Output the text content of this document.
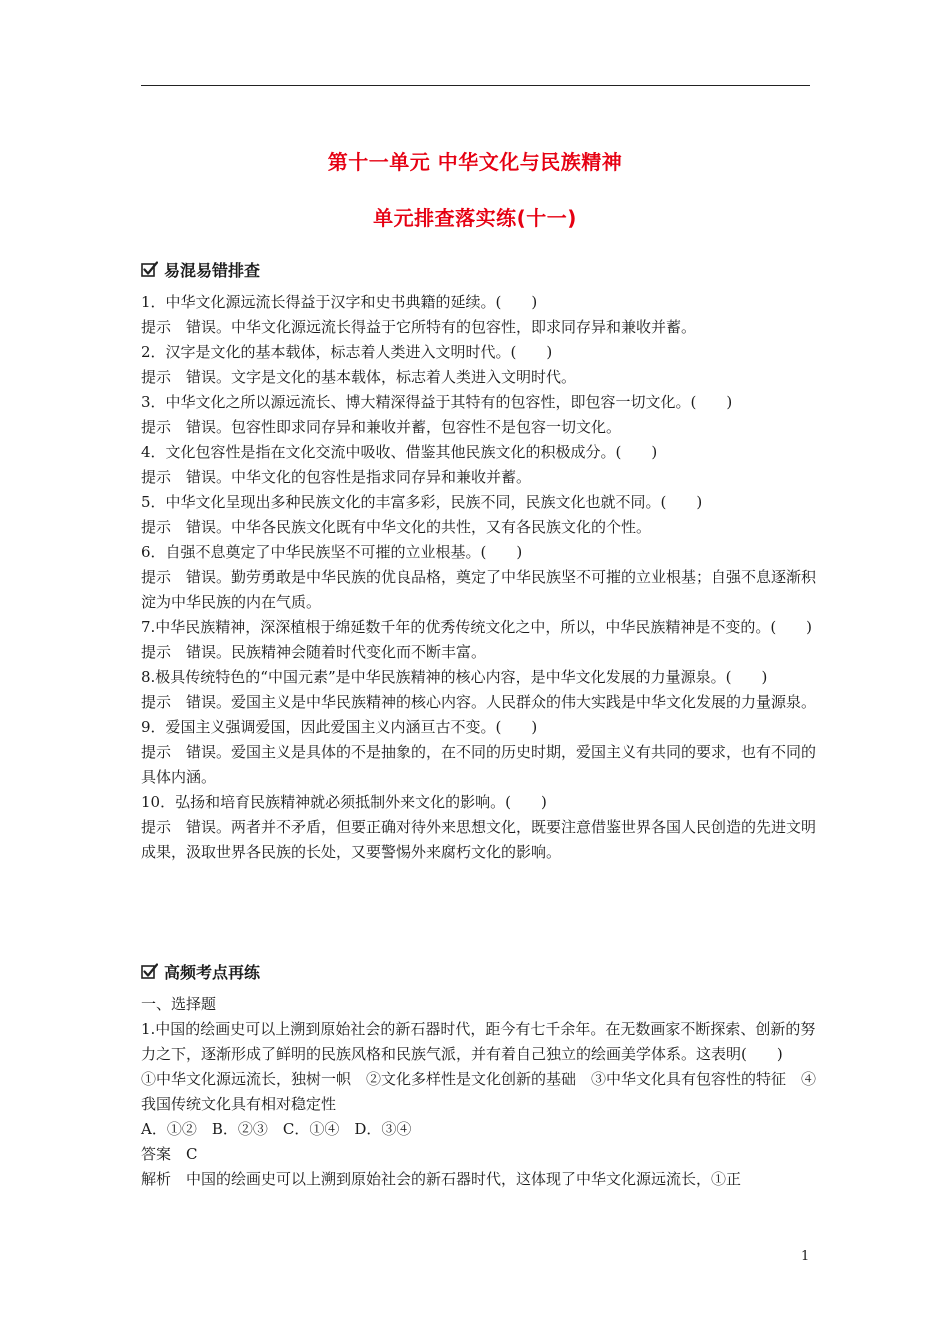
第十一单元 中华文化与民族精神
单元排查落实练(十一)
易混易错排查
1．中华文化源远流长得益于汉字和史书典籍的延续。(　　)
提示 错误。中华文化源远流长得益于它所特有的包容性，即求同存异和兼收并蓄。
2．汉字是文化的基本载体，标志着人类进入文明时代。(　　)
提示 错误。文字是文化的基本载体，标志着人类进入文明时代。
3．中华文化之所以源远流长、博大精深得益于其特有的包容性，即包容一切文化。(　　)
提示 错误。包容性即求同存异和兼收并蓄，包容性不是包容一切文化。
4．文化包容性是指在文化交流中吸收、借鉴其他民族文化的积极成分。(　　)
提示 错误。中华文化的包容性是指求同存异和兼收并蓄。
5．中华文化呈现出多种民族文化的丰富多彩，民族不同，民族文化也就不同。(　　)
提示 错误。中华各民族文化既有中华文化的共性，又有各民族文化的个性。
6．自强不息奠定了中华民族坚不可摧的立业根基。(　　)
提示 错误。勤劳勇敢是中华民族的优良品格，奠定了中华民族坚不可摧的立业根基；自强不息逐渐积淀为中华民族的内在气质。
7.中华民族精神，深深植根于绵延数千年的优秀传统文化之中，所以，中华民族精神是不变的。(　　)
提示 错误。民族精神会随着时代变化而不断丰富。
8.极具传统特色的“中国元素”是中华民族精神的核心内容，是中华文化发展的力量源泉。(　　)
提示 错误。爱国主义是中华民族精神的核心内容。人民群众的伟大实践是中华文化发展的力量源泉。
9．爱国主义强调爱国，因此爱国主义内涵亘古不变。(　　)
提示 错误。爱国主义是具体的不是抽象的，在不同的历史时期，爱国主义有共同的要求，也有不同的具体内涵。
10．弘扬和培育民族精神就必须抵制外来文化的影响。(　　)
提示 错误。两者并不矛盾，但要正确对待外来思想文化，既要注意借鉴世界各国人民创造的先进文明成果，汲取世界各民族的长处，又要警惕外来腐朽文化的影响。
高频考点再练
一、选择题
1.中国的绘画史可以上溯到原始社会的新石器时代，距今有七千余年。在无数画家不断探索、创新的努力之下，逐渐形成了鲜明的民族风格和民族气派，并有着自己独立的绘画美学体系。这表明(　　)
①中华文化源远流长，独树一帜　②文化多样性是文化创新的基础　③中华文化具有包容性的特征　④我国传统文化具有相对稳定性
A．①②　B．②③　C．①④　D．③④
答案 C
解析 中国的绘画史可以上溯到原始社会的新石器时代，这体现了中华文化源远流长，①正
1
